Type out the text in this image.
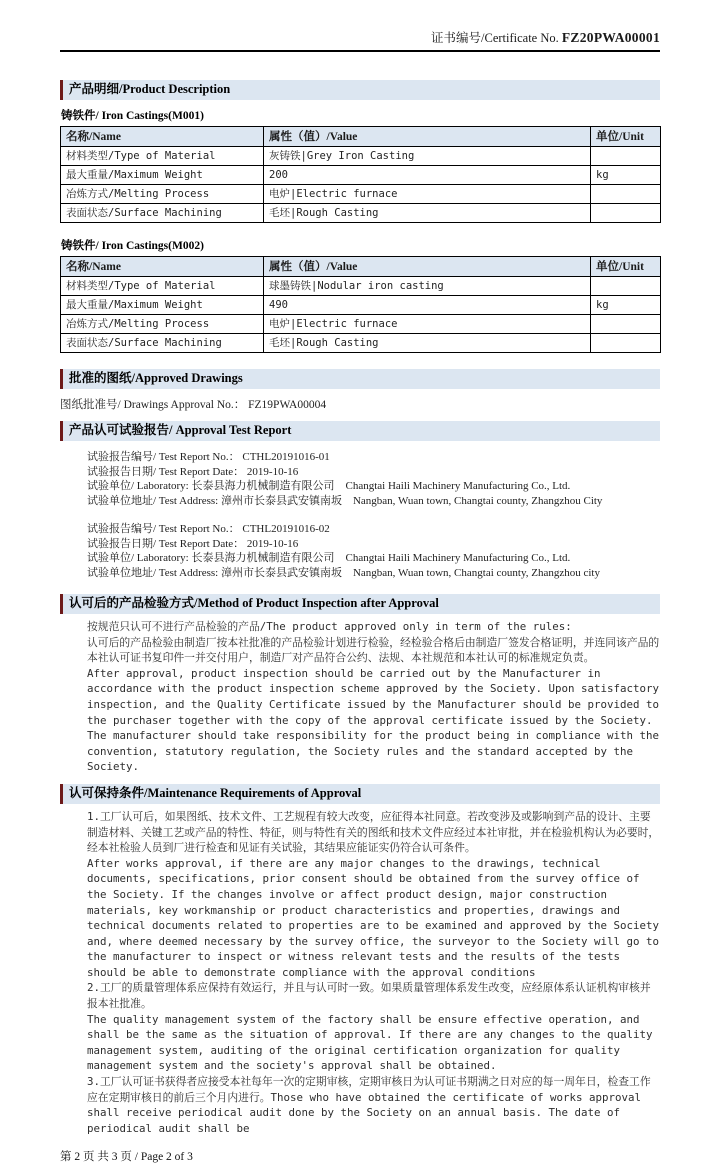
证书编号/Certificate No. FZ20PWA00001
产品明细/Product Description
铸铁件/ Iron Castings(M001)
名称/Name	属性（值）/Value	单位/Unit
材料类型/Type of Material	灰铸铁|Grey Iron Casting	
最大重量/Maximum Weight	200	kg
冶炼方式/Melting Process	电炉|Electric furnace	
表面状态/Surface Machining	毛坯|Rough Casting	
铸铁件/ Iron Castings(M002)
名称/Name	属性（值）/Value	单位/Unit
材料类型/Type of Material	球墨铸铁|Nodular iron casting	
最大重量/Maximum Weight	490	kg
冶炼方式/Melting Process	电炉|Electric furnace	
表面状态/Surface Machining	毛坯|Rough Casting	
批准的图纸/Approved Drawings
图纸批准号/ Drawings Approval No.： FZ19PWA00004
产品认可试验报告/ Approval Test Report
试验报告编号/ Test Report No.： CTHL20191016-01
试验报告日期/ Test Report Date： 2019-10-16
试验单位/ Laboratory: 长泰县海力机械制造有限公司　Changtai Haili Machinery Manufacturing Co., Ltd.
试验单位地址/ Test Address: 漳州市长泰县武安镇南坂　Nangban, Wuan town, Changtai county, Zhangzhou City
试验报告编号/ Test Report No.： CTHL20191016-02
试验报告日期/ Test Report Date： 2019-10-16
试验单位/ Laboratory: 长泰县海力机械制造有限公司　Changtai Haili Machinery Manufacturing Co., Ltd.
试验单位地址/ Test Address: 漳州市长泰县武安镇南坂　Nangban, Wuan town, Changtai county, Zhangzhou city
认可后的产品检验方式/Method of Product Inspection after Approval
按规范只认可不进行产品检验的产品/The product approved only in term of the rules:
认可后的产品检验由制造厂按本社批准的产品检验计划进行检验，经检验合格后由制造厂签发合格证明，并连同该产品的本社认可证书复印件一并交付用户，制造厂对产品符合公约、法规、本社规范和本社认可的标准规定负责。
After approval, product inspection should be carried out by the Manufacturer in accordance with the product inspection scheme approved by the Society. Upon satisfactory inspection, and the Quality Certificate issued by the Manufacturer should be provided to the purchaser together with the copy of the approval certificate issued by the Society. The manufacturer should take responsibility for the product being in compliance with the convention, statutory regulation, the Society rules and the standard accepted by the Society.
认可保持条件/Maintenance Requirements of Approval
1.工厂认可后，如果图纸、技术文件、工艺规程有较大改变，应征得本社同意。若改变涉及或影响到产品的设计、主要制造材料、关键工艺或产品的特性、特征，则与特性有关的图纸和技术文件应经过本社审批，并在检验机构认为必要时，经本社检验人员到厂进行检查和见证有关试验，其结果应能证实仍符合认可条件。
After works approval, if there are any major changes to the drawings, technical documents, specifications, prior consent should be obtained from the survey office of the Society. If the changes involve or affect product design, major construction materials, key workmanship or product characteristics and properties, drawings and technical documents related to properties are to be examined and approved by the Society and, where deemed necessary by the survey office, the surveyor to the Society will go to the manufacturer to inspect or witness relevant tests and the results of the tests should be able to demonstrate compliance with the approval conditions
2.工厂的质量管理体系应保持有效运行，并且与认可时一致。如果质量管理体系发生改变，应经原体系认证机构审核并报本社批准。
The quality management system of the factory shall be ensure effective operation, and shall be the same as the situation of approval. If there are any changes to the quality management system, auditing of the original certification organization for quality management system and the society's approval shall be obtained.
3.工厂认可证书获得者应接受本社每年一次的定期审核，定期审核日为认可证书期满之日对应的每一周年日，检查工作应在定期审核日的前后三个月内进行。Those who have obtained the certificate of works approval shall receive periodical audit done by the Society on an annual basis. The date of periodical audit shall be
第 2 页 共 3 页 / Page 2 of 3
